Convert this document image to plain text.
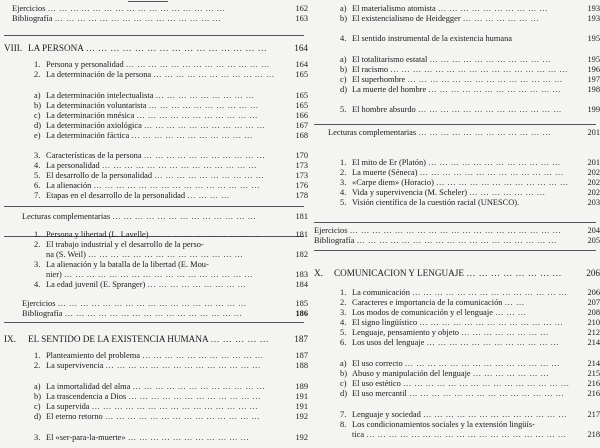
Ejercicios … … … … … … … … … … … … … … … …	162
Bibliografía … … … … … … … … … … … … … … …	163
VIII. LA PERSONA … … … … … … … … … … … … … … …	164
1. Persona y personalidad … … … … … … … … … … … … …	164
2. La determinación de la persona … … … … … … … … … … …	165
a) La determinación intelectualista … … … … … … … … …	165
b) La determinación voluntarista … … … … … … … … … …	165
c) La determinación mnésica … … … … … … … … … … …	166
d) La determinación axiológica … … … … … … … … … … …	167
e) La determinación fáctica … … … … … … … … … … …	168
3. Características de la persona … … … … … … … … … … …	170
4. La personalidad … … … … … … … … … … … … … …	173
5. El desarrollo de la personalidad … … … … … … … … … …	173
6. La alienación … … … … … … … … … … … … … … …	176
7. Etapas en el desarrollo de la personalidad … … … …	178
Lecturas complementarias … … … … … … … … … … … … …	181
1. Persona y libertad (L. Lavelle) … … … … … … … … … …	181
2. El trabajo industrial y el desarrollo de la perso-
na (S. Weil) … … … … … … … … … … … … … …	182
3. La alienación y la batalla de la libertad (E. Mou-
nier) … … … … … … … … … … … … … … … … …	183
4. La edad juvenil (E. Spranger) … … … … … … … … …	184
Ejercicios … … … … … … … … … … … … … … … … …	185
Bibliografía … … … … … … … … … … … … … … … …	186
IX. EL SENTIDO DE LA EXISTENCIA HUMANA … … … … …	187
1. Planteamiento del problema … … … … … … … … … … …	187
2. La supervivencia … … … … … … … … … … … … … …	188
a) La inmortalidad del alma … … … … … … … … … … … …	189
b) La trascendencia a Dios … … … … … … … … … … … …	191
c) La supervida … … … … … … … … … … … … … … …	191
d) El eterno retorno … … … … … … … … … … … … … …	192
3. El «ser-para-la-muerte» … … … … … … … … … … …	192
a) El materialismo atomista … … … … … … … … … …	193
b) El existencialismo de Heidegger … … … … … … …	193
4. El sentido instrumental de la existencia humana	195
a) El totalitarismo estatal … … … … … … … … … … …	195
b) El racismo … … … … … … … … … … … … … … … …	196
c) El superhombre … … … … … … … … … … … … … …	197
d) La muerte del hombre … … … … … … … … … … … …	198
5. El hombre absurdo … … … … … … … … … … … … …	199
Lecturas complementarias … … … … … … … … … … … …	201
1. El mito de Er (Platón) … … … … … … … … … … … …	201
2. La muerte (Séneca) … … … … … … … … … … … … …	202
3. «Carpe diem» (Horacio) … … … … … … … … … … … …	202
4. Vida y supervivencia (M. Scheler) … … … … … … …	202
5. Visión científica de la cuestión racial (UNESCO).	203
Ejercicios … … … … … … … … … … … … … … … … … … …	204
Bibliografía … … … … … … … … … … … … … … … … … …	205
X. COMUNICACION Y LENGUAJE … … … … … … … …	206
1. La comunicación … … … … … … … … … … … … … …	206
2. Caracteres e importancia de la comunicación … …	207
3. Los modos de comunicación y el lenguaje … … …	208
4. El signo lingüístico … … … … … … … … … … … … …	210
5. Lenguaje, pensamiento y objeto … … … … … … … …	212
6. Los usos del lenguaje … … … … … … … … … … … …	214
a) El uso correcto … … … … … … … … … … … … … …	214
b) Abuso y manipulación del lenguaje … … … … … … …	215
c) El uso estético … … … … … … … … … … … … … … …	216
d) El uso mercantil … … … … … … … … … … … … … …	216
7. Lenguaje y sociedad … … … … … … … … … … … … …	217
8. Los condicionamientos sociales y la extensión lingüís-
tica … … … … … … … … … … … … … … … … … …	218
